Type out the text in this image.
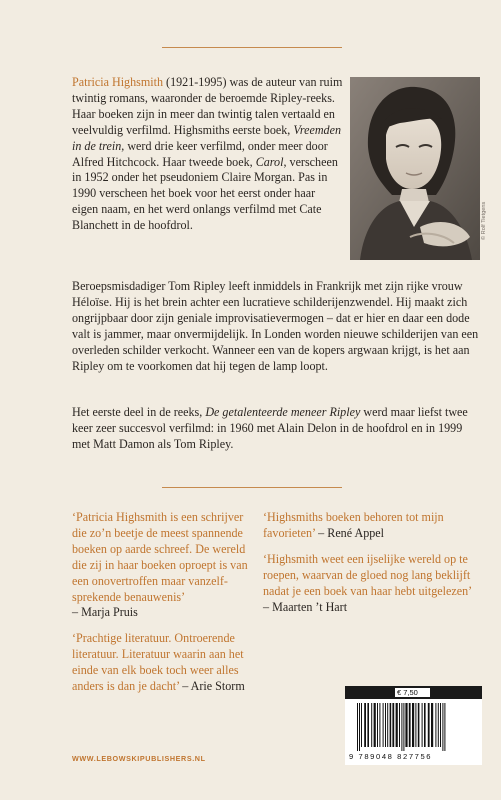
Patricia Highsmith (1921-1995) was de auteur van ruim twintig romans, waaronder de beroemde Ripley-reeks. Haar boeken zijn in meer dan twintig talen vertaald en veelvuldig verfilmd. Highsmiths eerste boek, Vreemden in de trein, werd drie keer verfilmd, onder meer door Alfred Hitchcock. Haar tweede boek, Carol, verscheen in 1952 onder het pseudoniem Claire Morgan. Pas in 1990 verscheen het boek voor het eerst onder haar eigen naam, en het werd onlangs verfilmd met Cate Blanchett in de hoofdrol.	© Rolf Tietgens
Beroepsmisdadiger Tom Ripley leeft inmiddels in Frankrijk met zijn rijke vrouw Héloïse. Hij is het brein achter een lucratieve schilderijenzwendel. Hij maakt zich ongrijpbaar door zijn geniale improvisatievermogen – dat er hier en daar een dode valt is jammer, maar onvermijdelijk. In Londen worden nieuwe schilderijen van een overleden schilder verkocht. Wanneer een van de kopers argwaan krijgt, is het aan Ripley om te voorkomen dat hij tegen de lamp loopt.
Het eerste deel in de reeks, De getalenteerde meneer Ripley werd maar liefst twee keer zeer succesvol verfilmd: in 1960 met Alain Delon in de hoofdrol en in 1999 met Matt Damon als Tom Ripley.
‘Patricia Highsmith is een schrijver die zo’n beetje de meest spannende boeken op aarde schreef. De wereld die zij in haar boeken oproept is van een onovertroffen maar vanzelfsprekende benauwenis’
– Marja Pruis
‘Prachtige literatuur. Ontroerende literatuur. Literatuur waarin aan het einde van elk boek toch weer alles anders is dan je dacht’ – Arie Storm
‘Highsmiths boeken behoren tot mijn favorieten’ – René Appel
‘Highsmith weet een ijselijke wereld op te roepen, waarvan de gloed nog lang beklijft nadat je een boek van haar hebt uitgelezen’
– Maarten ’t Hart
WWW.LEBOWSKIPUBLISHERS.NL
€ 7,50
9 789048 827756
